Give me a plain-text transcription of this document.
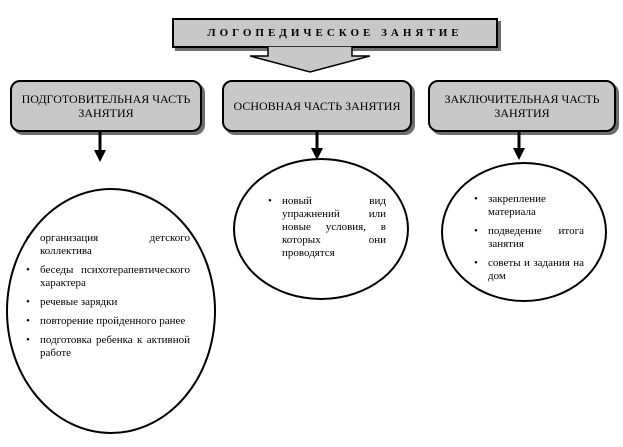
ЛОГОПЕДИЧЕСКОЕ ЗАНЯТИЕ
ПОДГОТОВИТЕЛЬНАЯ ЧАСТЬ ЗАНЯТИЯ	ОСНОВНАЯ ЧАСТЬ ЗАНЯТИЯ	ЗАКЛЮЧИТЕЛЬНАЯ ЧАСТЬ ЗАНЯТИЯ
• организация детского коллектива
• беседы психотерапевтического характера
• речевые зарядки
• повторение пройденного ранее
• подготовка ребенка к активной работе
• новый вид упражнений или новые условия, в которых они проводятся
• закрепление материала
• подведение итога занятия
• советы и задания на дом
